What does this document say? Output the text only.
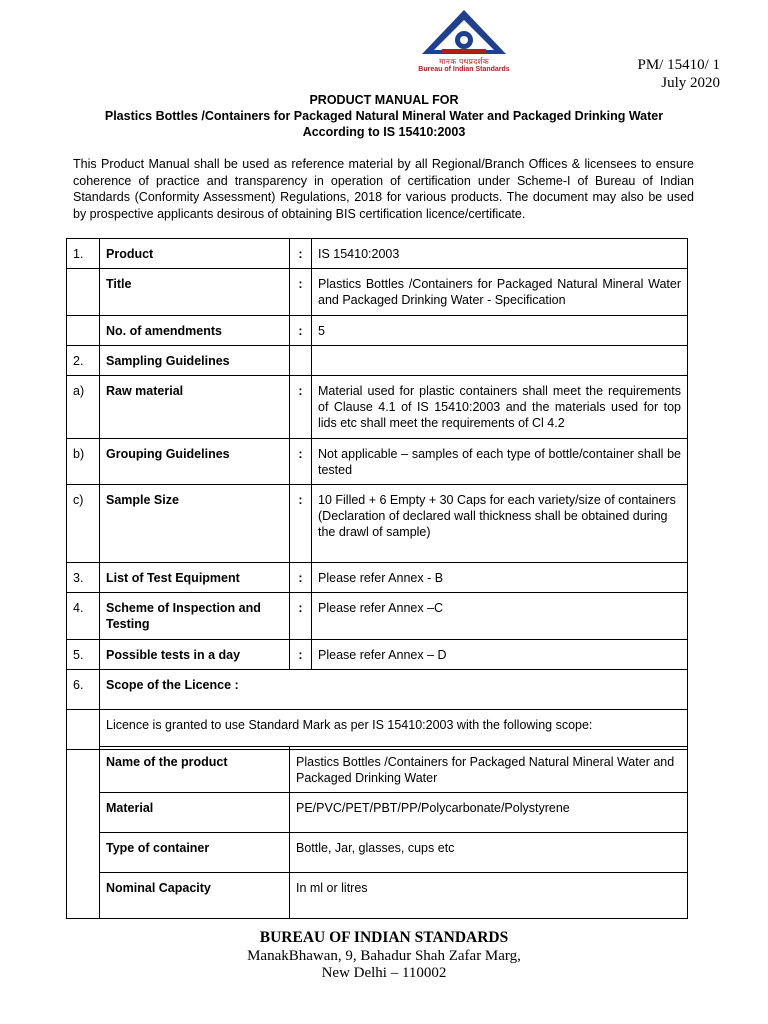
मानक पथप्रदर्शक
Bureau of Indian Standards	PM/ 15410/ 1
July 2020
PRODUCT MANUAL FOR
Plastics Bottles /Containers for Packaged Natural Mineral Water and Packaged Drinking Water
According to IS 15410:2003

This Product Manual shall be used as reference material by all Regional/Branch Offices & licensees to ensure coherence of practice and transparency in operation of certification under Scheme-I of Bureau of Indian Standards (Conformity Assessment) Regulations, 2018 for various products. The document may also be used by prospective applicants desirous of obtaining BIS certification licence/certificate.

1.	Product	:	IS 15410:2003
	Title	:	Plastics Bottles /Containers for Packaged Natural Mineral Water and Packaged Drinking Water - Specification
	No. of amendments	:	5
2.	Sampling Guidelines		
a)	Raw material	:	Material used for plastic containers shall meet the requirements of Clause 4.1 of IS 15410:2003 and the materials used for top lids etc shall meet the requirements of Cl 4.2
b)	Grouping Guidelines	:	Not applicable – samples of each type of bottle/container shall be tested
c)	Sample Size	:	10 Filled + 6 Empty + 30 Caps for each variety/size of containers
(Declaration of declared wall thickness shall be obtained during the drawl of sample)

3.	List of Test Equipment	:	Please refer Annex - B
4.	Scheme of Inspection and Testing	:	Please refer Annex –C
5.	Possible tests in a day	:	Please refer Annex – D
6.	Scope of the Licence :		
	Licence is granted to use Standard Mark as per IS 15410:2003 with the following scope:		
	Name of the product	Plastics Bottles /Containers for Packaged Natural Mineral Water and Packaged Drinking Water
	Material	PE/PVC/PET/PBT/PP/Polycarbonate/Polystyrene
	Type of container	Bottle, Jar, glasses, cups etc
	Nominal Capacity	In ml or litres
BUREAU OF INDIAN STANDARDS
ManakBhawan, 9, Bahadur Shah Zafar Marg,
New Delhi – 110002
